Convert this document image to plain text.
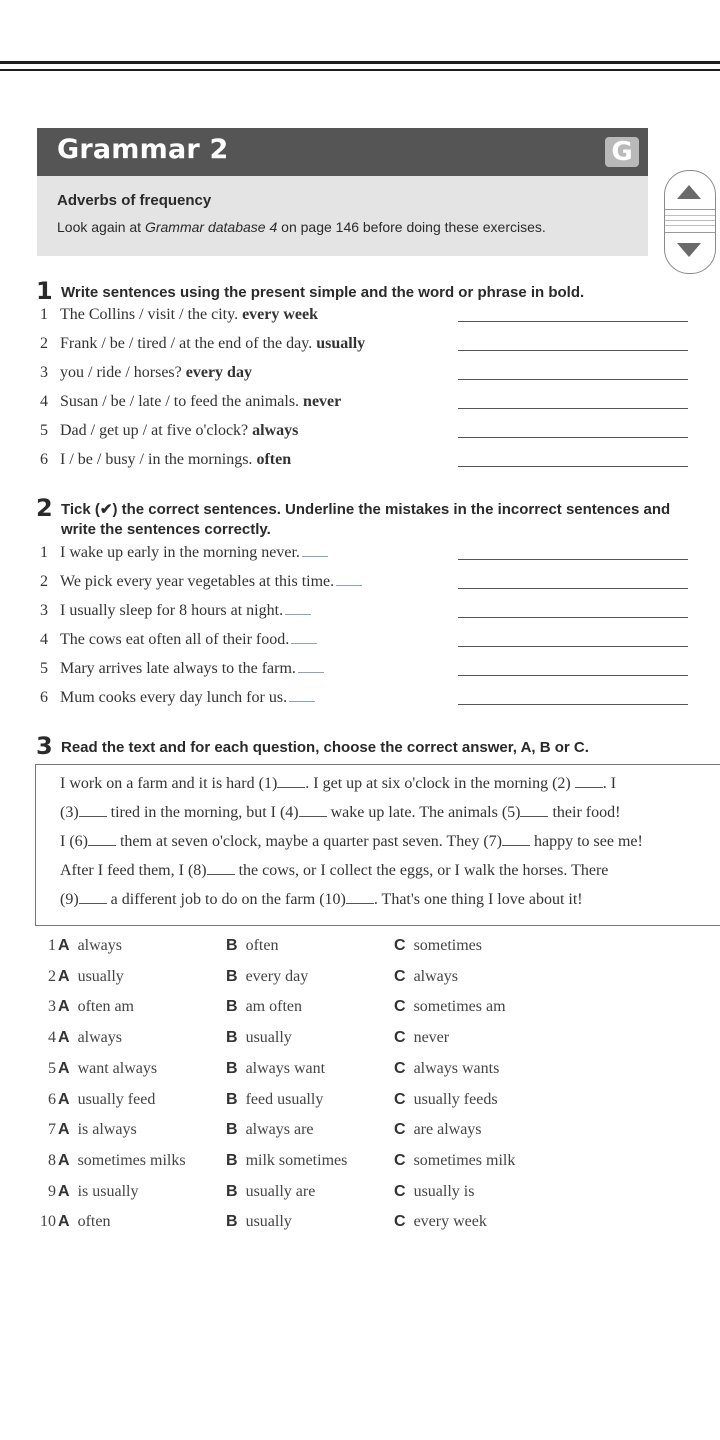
Grammar 2	G
Adverbs of frequency
Look again at Grammar database 4 on page 146 before doing these exercises.
1 Write sentences using the present simple and the word or phrase in bold.
1 The Collins / visit / the city. every week
2 Frank / be / tired / at the end of the day. usually
3 you / ride / horses? every day
4 Susan / be / late / to feed the animals. never
5 Dad / get up / at five o'clock? always
6 I / be / busy / in the mornings. often
2 Tick (✔) the correct sentences. Underline the mistakes in the incorrect sentences and
write the sentences correctly.
1 I wake up early in the morning never.
2 We pick every year vegetables at this time.
3 I usually sleep for 8 hours at night.
4 The cows eat often all of their food.
5 Mary arrives late always to the farm.
6 Mum cooks every day lunch for us.
3 Read the text and for each question, choose the correct answer, A, B or C.
I work on a farm and it is hard (1) . I get up at six o'clock in the morning (2) . I
(3) tired in the morning, but I (4) wake up late. The animals (5) their food!
I (6) them at seven o'clock, maybe a quarter past seven. They (7) happy to see me!
After I feed them, I (8) the cows, or I collect the eggs, or I walk the horses. There
(9) a different job to do on the farm (10) . That's one thing I love about it!
1 A always	B often	C sometimes
2 A usually	B every day	C always
3 A often am	B am often	C sometimes am
4 A always	B usually	C never
5 A want always	B always want	C always wants
6 A usually feed	B feed usually	C usually feeds
7 A is always	B always are	C are always
8 A sometimes milks	B milk sometimes	C sometimes milk
9 A is usually	B usually are	C usually is
10 A often	B usually	C every week
